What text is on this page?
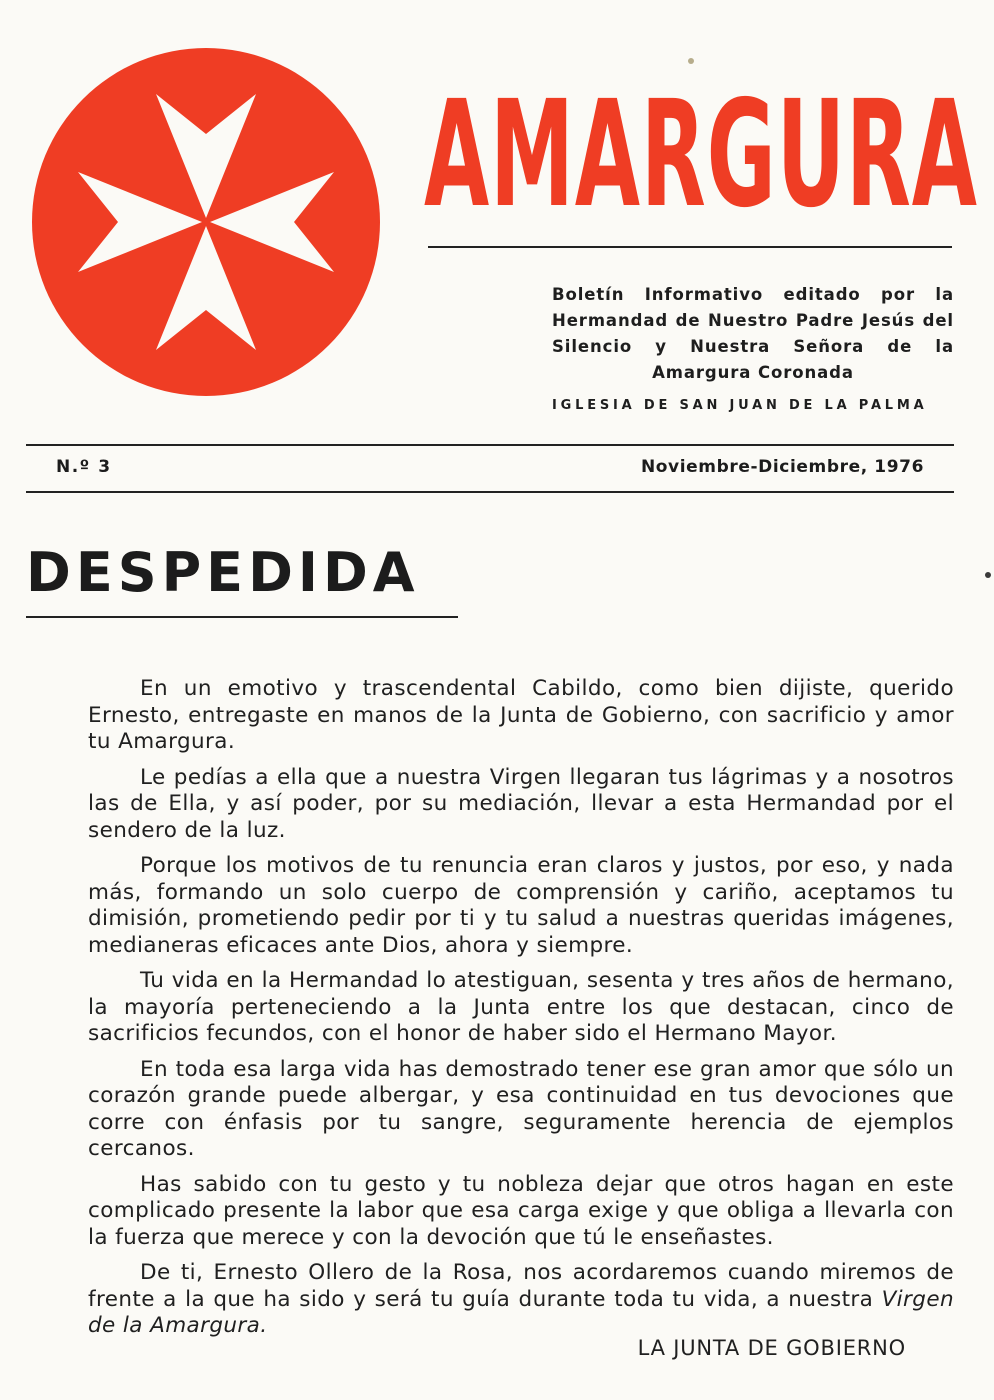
AMARGURA
Boletín Informativo editado por la Hermandad de Nuestro Padre Jesús del Silencio y Nuestra Señora de la Amargura Coronada
IGLESIA DE SAN JUAN DE LA PALMA
N.º 3	Noviembre-Diciembre, 1976
DESPEDIDA

En un emotivo y trascendental Cabildo, como bien dijiste, querido Ernesto, entregaste en manos de la Junta de Gobierno, con sacrificio y amor tu Amargura.

Le pedías a ella que a nuestra Virgen llegaran tus lágrimas y a nosotros las de Ella, y así poder, por su mediación, llevar a esta Hermandad por el sendero de la luz.

Porque los motivos de tu renuncia eran claros y justos, por eso, y nada más, formando un solo cuerpo de comprensión y cariño, aceptamos tu dimisión, prometiendo pedir por ti y tu salud a nuestras queridas imágenes, medianeras eficaces ante Dios, ahora y siempre.

Tu vida en la Hermandad lo atestiguan, sesenta y tres años de hermano, la mayoría perteneciendo a la Junta entre los que destacan, cinco de sacrificios fecundos, con el honor de haber sido el Hermano Mayor.

En toda esa larga vida has demostrado tener ese gran amor que sólo un corazón grande puede albergar, y esa continuidad en tus devociones que corre con énfasis por tu sangre, seguramente herencia de ejemplos cercanos.

Has sabido con tu gesto y tu nobleza dejar que otros hagan en este complicado presente la labor que esa carga exige y que obliga a llevarla con la fuerza que merece y con la devoción que tú le enseñastes.

De ti, Ernesto Ollero de la Rosa, nos acordaremos cuando miremos de frente a la que ha sido y será tu guía durante toda tu vida, a nuestra Virgen de la Amargura.

LA JUNTA DE GOBIERNO
